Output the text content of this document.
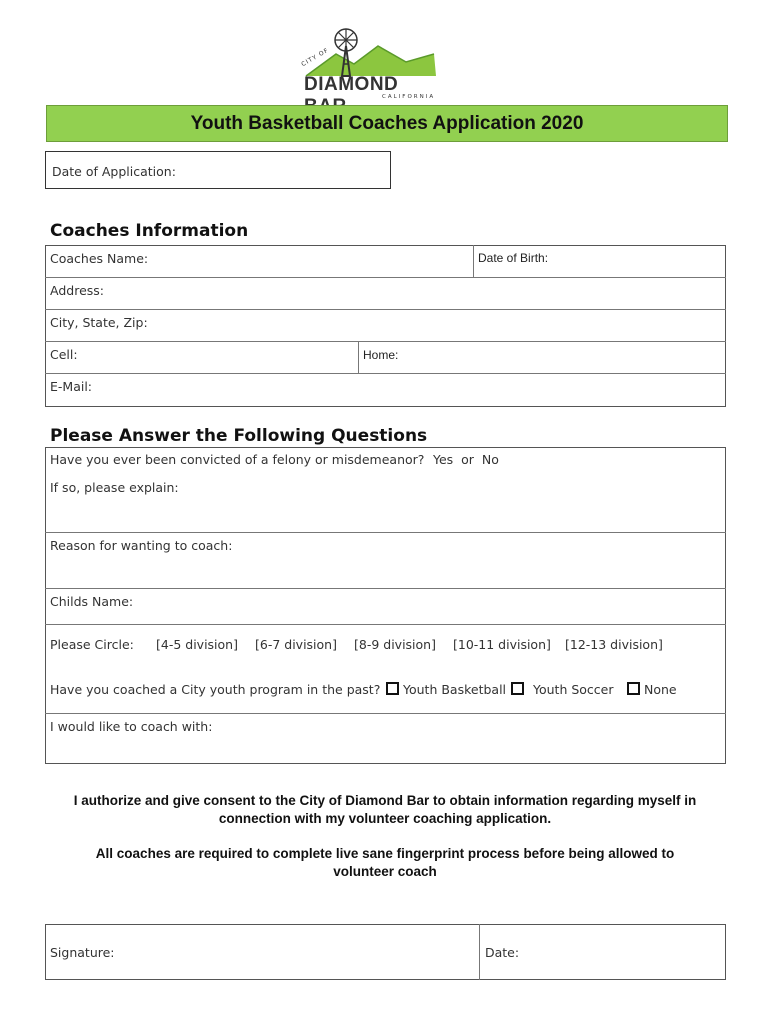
CITY OF
DIAMOND
CALIFORNIA
Youth Basketball Coaches Application 2020
Date of Application:
Coaches Information
Coaches Name:	Date of Birth:
Address:
City, State, Zip:
Cell:	Home:
E-Mail:
Please Answer the Following Questions
Have you ever been convicted of a felony or misdemeanor? Yes  or  No
If so, please explain:
Reason for wanting to coach:
Childs Name:
Please Circle: [4-5 division] [6-7 division] [8-9 division] [10-11 division] [12-13 division]
Have you coached a City youth program in the past?	Youth Basketball	Youth Soccer	None
I would like to coach with:
I authorize and give consent to the City of Diamond Bar to obtain information regarding myself in connection with my volunteer coaching application.
All coaches are required to complete live sane fingerprint process before being allowed to volunteer coach
Signature:	Date:
